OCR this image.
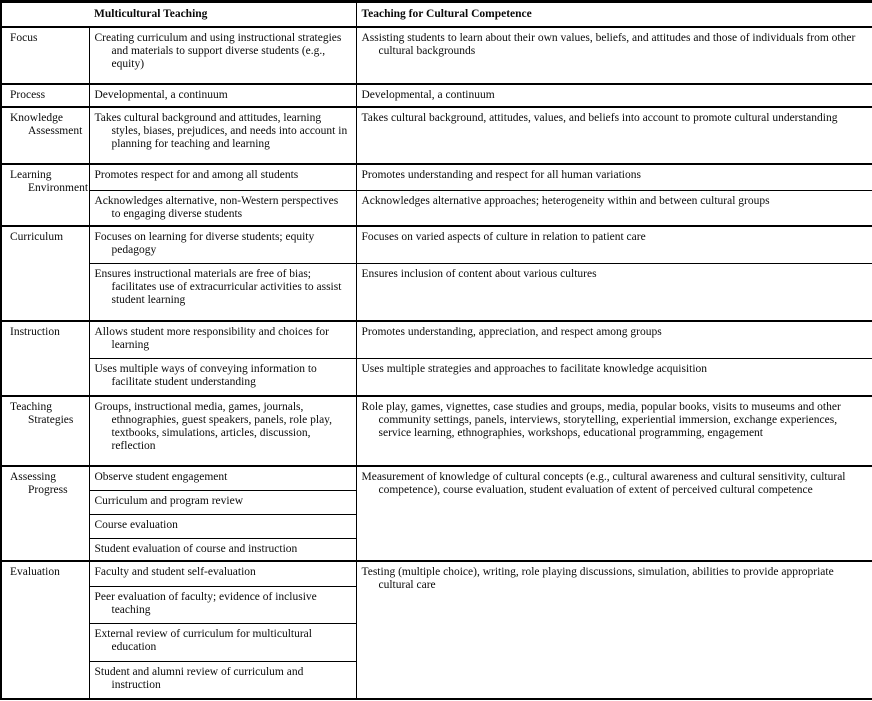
	Multicultural Teaching	Teaching for Cultural Competence
Focus	Creating curriculum and using instructional strategies and materials to support diverse students (e.g., equity)	Assisting students to learn about their own values, beliefs, and attitudes and those of individuals from other cultural backgrounds
Process	Developmental, a continuum	Developmental, a continuum
Knowledge Assessment	Takes cultural background and attitudes, learning styles, biases, prejudices, and needs into account in planning for teaching and learning	Takes cultural background, attitudes, values, and beliefs into account to promote cultural understanding
Learning Environment	Promotes respect for and among all students	Promotes understanding and respect for all human variations
	Acknowledges alternative, non-Western perspectives to engaging diverse students	Acknowledges alternative approaches; heterogeneity within and between cultural groups
Curriculum	Focuses on learning for diverse students; equity pedagogy	Focuses on varied aspects of culture in relation to patient care
	Ensures instructional materials are free of bias; facilitates use of extracurricular activities to assist student learning	Ensures inclusion of content about various cultures
Instruction	Allows student more responsibility and choices for learning	Promotes understanding, appreciation, and respect among groups
	Uses multiple ways of conveying information to facilitate student understanding	Uses multiple strategies and approaches to facilitate knowledge acquisition
Teaching Strategies	Groups, instructional media, games, journals, ethnographies, guest speakers, panels, role play, textbooks, simulations, articles, discussion, reflection	Role play, games, vignettes, case studies and groups, media, popular books, visits to museums and other community settings, panels, interviews, storytelling, experiential immersion, exchange experiences, service learning, ethnographies, workshops, educational programming, engagement
Assessing Progress	Observe student engagement	Measurement of knowledge of cultural concepts (e.g., cultural awareness and cultural sensitivity, cultural competence), course evaluation, student evaluation of extent of perceived cultural competence
	Curriculum and program review	
	Course evaluation	
	Student evaluation of course and instruction	
Evaluation	Faculty and student self-evaluation	Testing (multiple choice), writing, role playing discussions, simulation, abilities to provide appropriate cultural care
	Peer evaluation of faculty; evidence of inclusive teaching	
	External review of curriculum for multicultural education	
	Student and alumni review of curriculum and instruction	
